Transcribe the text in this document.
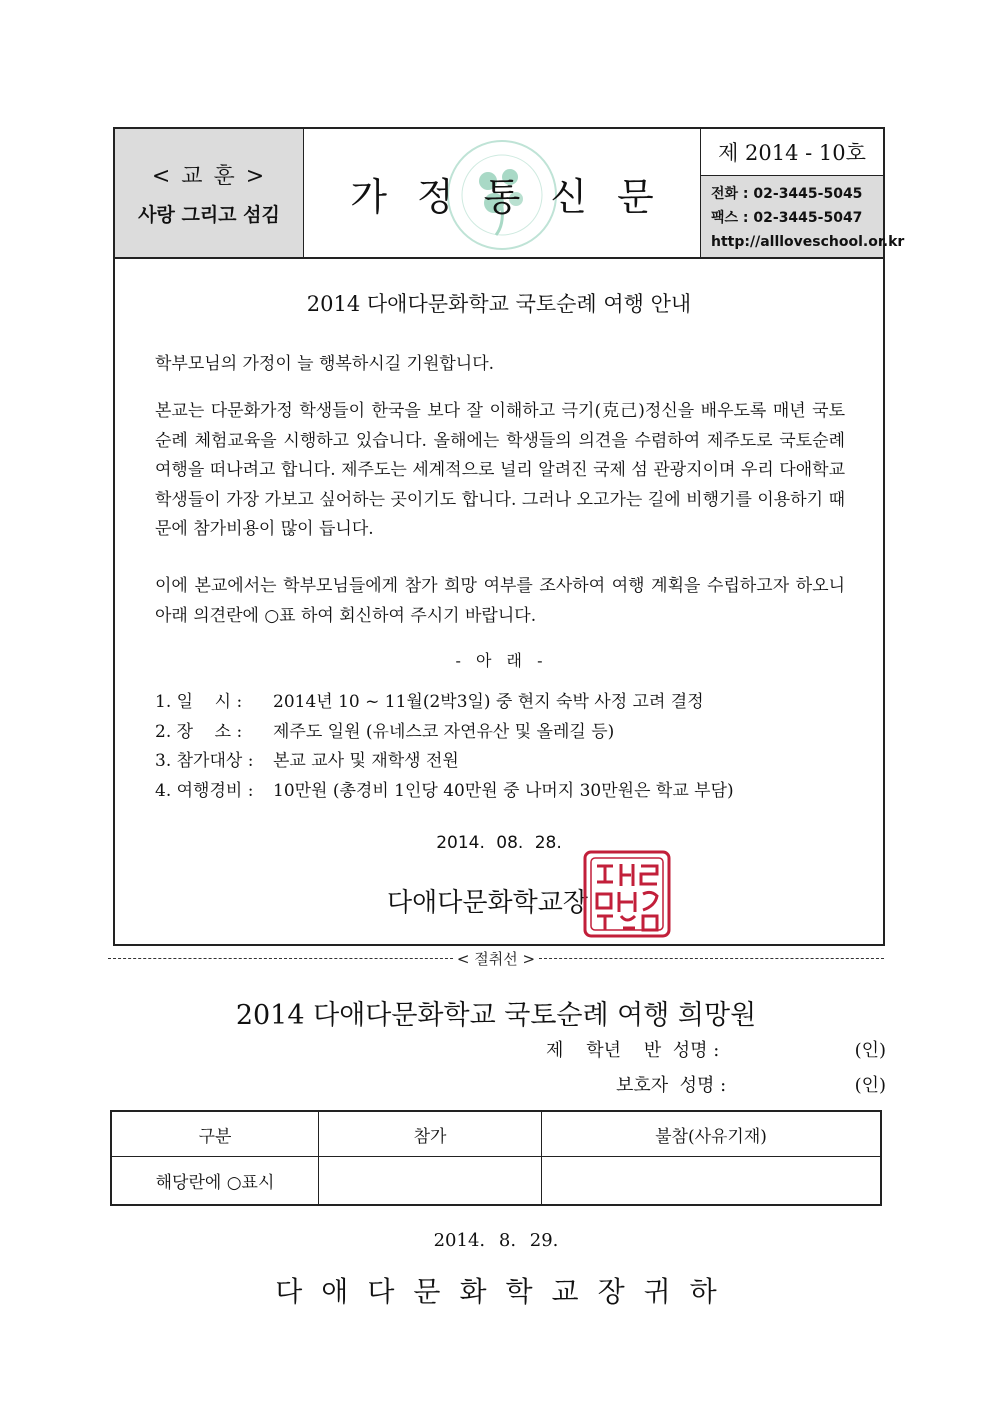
< 교 훈 >
사랑 그리고 섬김	가정통신문
제 2014 - 10호
전화 : 02-3445-5045
팩스 : 02-3445-5047
http://allloveschool.or.kr
2014 다애다문화학교 국토순례 여행 안내
학부모님의 가정이 늘 행복하시길 기원합니다.
본교는 다문화가정 학생들이 한국을 보다 잘 이해하고 극기(克己)정신을 배우도록 매년 국토순례 체험교육을 시행하고 있습니다. 올해에는 학생들의 의견을 수렴하여 제주도로 국토순례 여행을 떠나려고 합니다. 제주도는 세계적으로 널리 알려진 국제 섬 관광지이며 우리 다애학교 학생들이 가장 가보고 싶어하는 곳이기도 합니다. 그러나 오고가는 길에 비행기를 이용하기 때문에 참가비용이 많이 듭니다.
이에 본교에서는 학부모님들에게 참가 희망 여부를 조사하여 여행 계획을 수립하고자 하오니 아래 의견란에 ○표 하여 회신하여 주시기 바랍니다.
- 아 래 -
1. 일    시 :	2014년 10 ~ 11월(2박3일) 중 현지 숙박 사정 고려 결정
2. 장    소 :	제주도 일원 (유네스코 자연유산 및 올레길 등)
3. 참가대상 : 본교 교사 및 재학생 전원
4. 여행경비 : 10만원 (총경비 1인당 40만원 중 나머지 30만원은 학교 부담)
2014. 08. 28.
다애다문화학교장
< 절취선 >
2014 다애다문화학교 국토순례 여행 희망원
제    학년    반  성명 :	(인)
보호자  성명 :	(인)
구분	참가	불참(사유기재)
해당란에 ○표시		
2014. 8. 29.
다애다문화학교장귀하
